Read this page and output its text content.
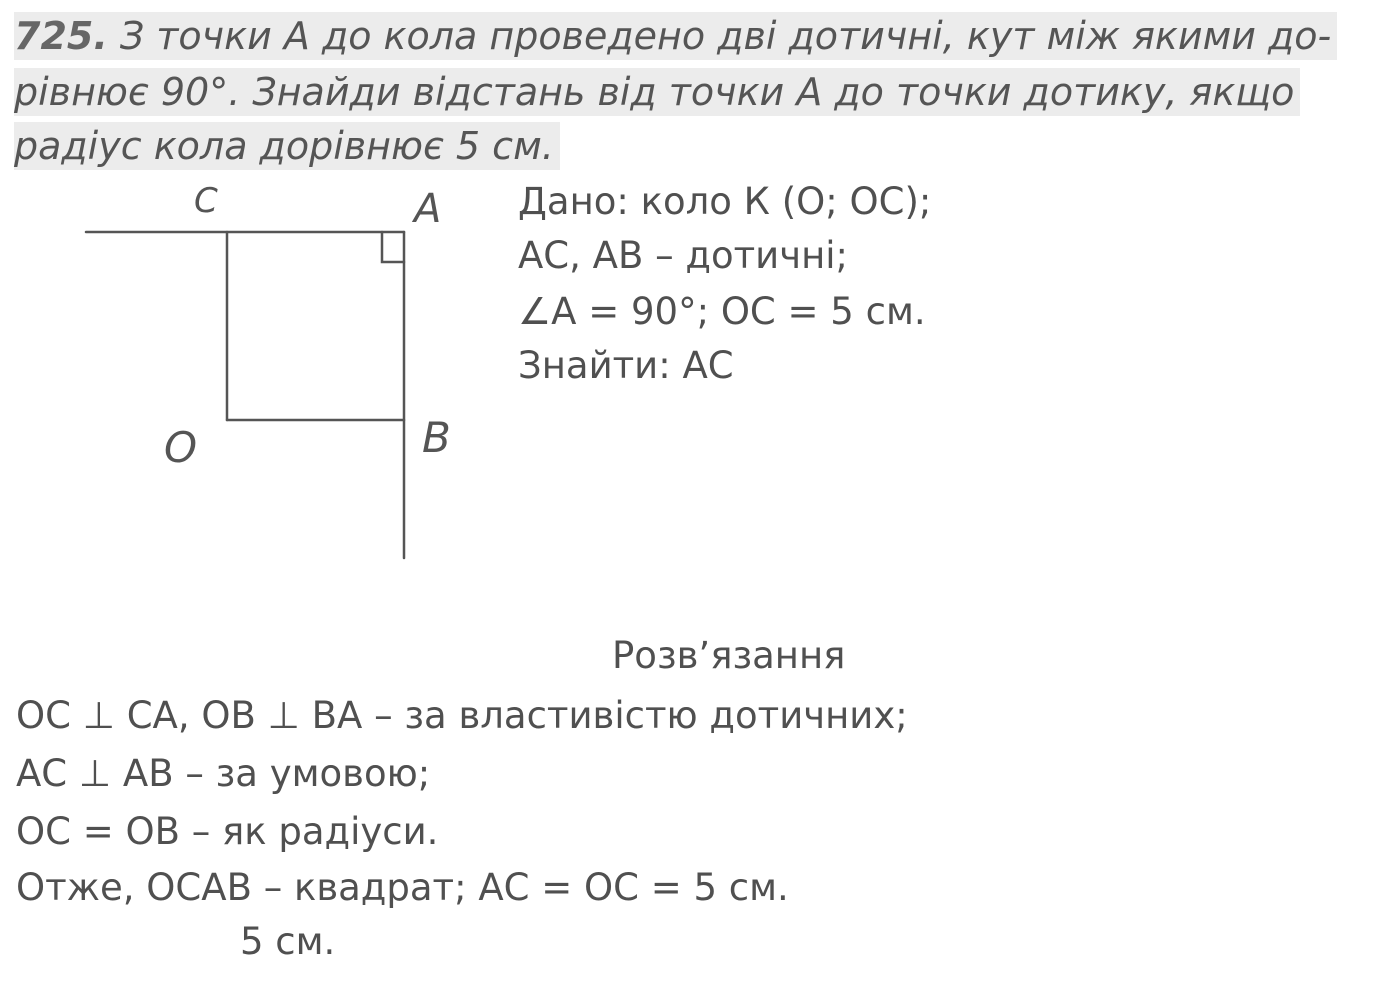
725. З точки А до кола проведено дві дотичні, кут між якими до-
рівнює 90°. Знайди відстань від точки А до точки дотику, якщо
радіус кола дорівнює 5 см.
C	A
O	B
Дано: коло К (О; ОС);
АС, АВ – дотичні;
∠А = 90°; ОС = 5 см.
Знайти: АС
Розв’язання
ОС ⊥ СА, ОВ ⊥ ВА – за властивістю дотичних;
АС ⊥ АВ – за умовою;
ОС = ОВ – як радіуси.
Отже, ОСАВ – квадрат; АС = ОС = 5 см.
5 см.
